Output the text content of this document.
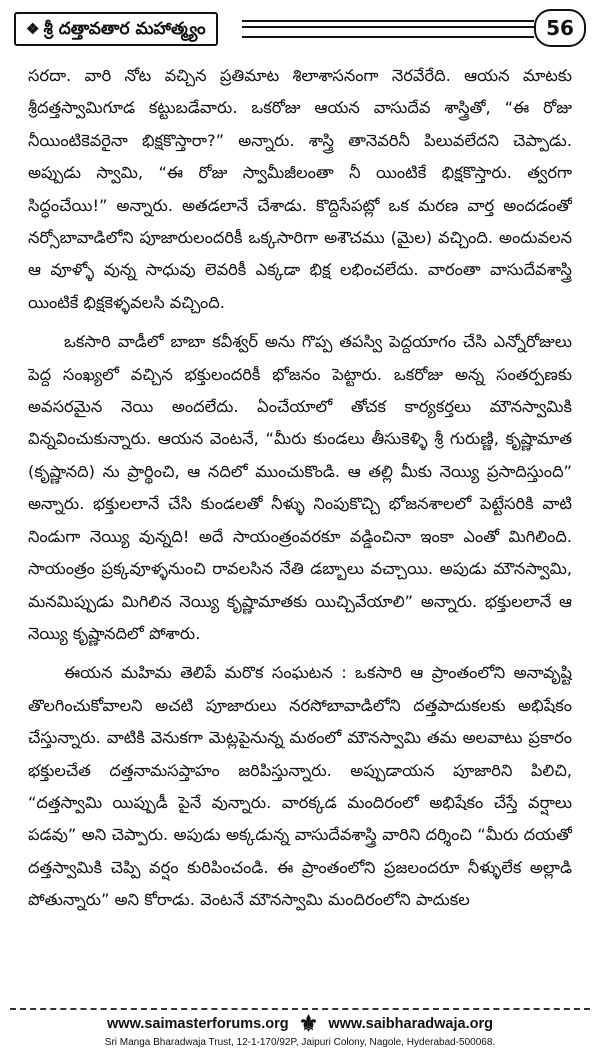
❖ శ్రీ దత్తావతార మహాత్మ్యం	56

సరదా. వారి నోట వచ్చిన ప్రతిమాట శిలాశాసనంగా నెరవేరేది. ఆయన మాటకు శ్రీదత్తస్వామిగూడ కట్టుబడేవారు. ఒకరోజు ఆయన వాసుదేవ శాస్త్రితో, “ఈ రోజు నీయింటికెవరైనా భిక్షకొస్తారా?” అన్నారు. శాస్త్రి తానెవరినీ పిలువలేదని చెప్పాడు. అప్పుడు స్వామి, “ఈ రోజు స్వామీజీలంతా నీ యింటికే భిక్షకొస్తారు. త్వరగా సిద్ధంచేయి!” అన్నారు. అతడలానే చేశాడు. కొద్దిసేపట్లో ఒక మరణ వార్త అందడంతో నర్సోబావాడిలోని పూజారులందరికీ ఒక్కసారిగా అశౌచము (మైల) వచ్చింది. అందువలన ఆ వూళ్ళో వున్న సాధువు లెవరికీ ఎక్కడా భిక్ష లభించలేదు. వారంతా వాసుదేవశాస్త్రి యింటికే భిక్షకెళ్ళవలసి వచ్చింది.

ఒకసారి వాడీలో బాబా కవీశ్వర్ అను గొప్ప తపస్వి పెద్దయాగం చేసి ఎన్నోరోజులు పెద్ద సంఖ్యలో వచ్చిన భక్తులందరికీ భోజనం పెట్టారు. ఒకరోజు అన్న సంతర్పణకు అవసరమైన నెయి అందలేదు. ఏంచేయాలో తోచక కార్యకర్తలు మౌనస్వామికి విన్నవించుకున్నారు. ఆయన వెంటనే, “మీరు కుండలు తీసుకెళ్ళి శ్రీ గురుణ్ణి, కృష్ణామాత (కృష్ణానది) ను ప్రార్థించి, ఆ నదిలో ముంచుకొండి. ఆ తల్లి మీకు నెయ్యి ప్రసాదిస్తుంది” అన్నారు. భక్తులలానే చేసి కుండలతో నీళ్ళు నింపుకొచ్చి భోజనశాలలో పెట్టేసరికి వాటి నిండుగా నెయ్యి వున్నది! అదే సాయంత్రంవరకూ వడ్డించినా ఇంకా ఎంతో మిగిలింది. సాయంత్రం ప్రక్కవూళ్ళనుంచి రావలసిన నేతి డబ్బాలు వచ్చాయి. అపుడు మౌనస్వామి, మనమిప్పుడు మిగిలిన నెయ్యి కృష్ణామాతకు యిచ్చివేయాలి” అన్నారు. భక్తులలానే ఆ నెయ్యి కృష్ణానదిలో పోశారు.

ఈయన మహిమ తెలిపే మరొక సంఘటన : ఒకసారి ఆ ప్రాంతంలోని అనావృష్టి తొలగించుకోవాలని అచటి పూజారులు నరసోబావాడిలోని దత్తపాదుకలకు అభిషేకం చేస్తున్నారు. వాటికి వెనుకగా మెట్లపైనున్న మఠంలో మౌనస్వామి తమ అలవాటు ప్రకారం భక్తులచేత దత్తనామసప్తాహం జరిపిస్తున్నారు. అప్పుడాయన పూజారిని పిలిచి, “దత్తస్వామి యిప్పుడీ పైనే వున్నారు. వారక్కడ మందిరంలో అభిషేకం చేస్తే వర్షాలు పడవు” అని చెప్పారు. అపుడు అక్కడున్న వాసుదేవశాస్త్రి వారిని దర్శించి “మీరు దయతో దత్తస్వామికి చెప్పి వర్షం కురిపించండి. ఈ ప్రాంతంలోని ప్రజలందరూ నీళ్ళులేక అల్లాడి పోతున్నారు” అని కోరాడు. వెంటనే మౌనస్వామి మందిరంలోని పాదుకల

www.saimasterforums.org ⚜ www.saibharadwaja.org
Sri Manga Bharadwaja Trust, 12-1-170/92P, Jaipuri Colony, Nagole, Hyderabad-500068.
